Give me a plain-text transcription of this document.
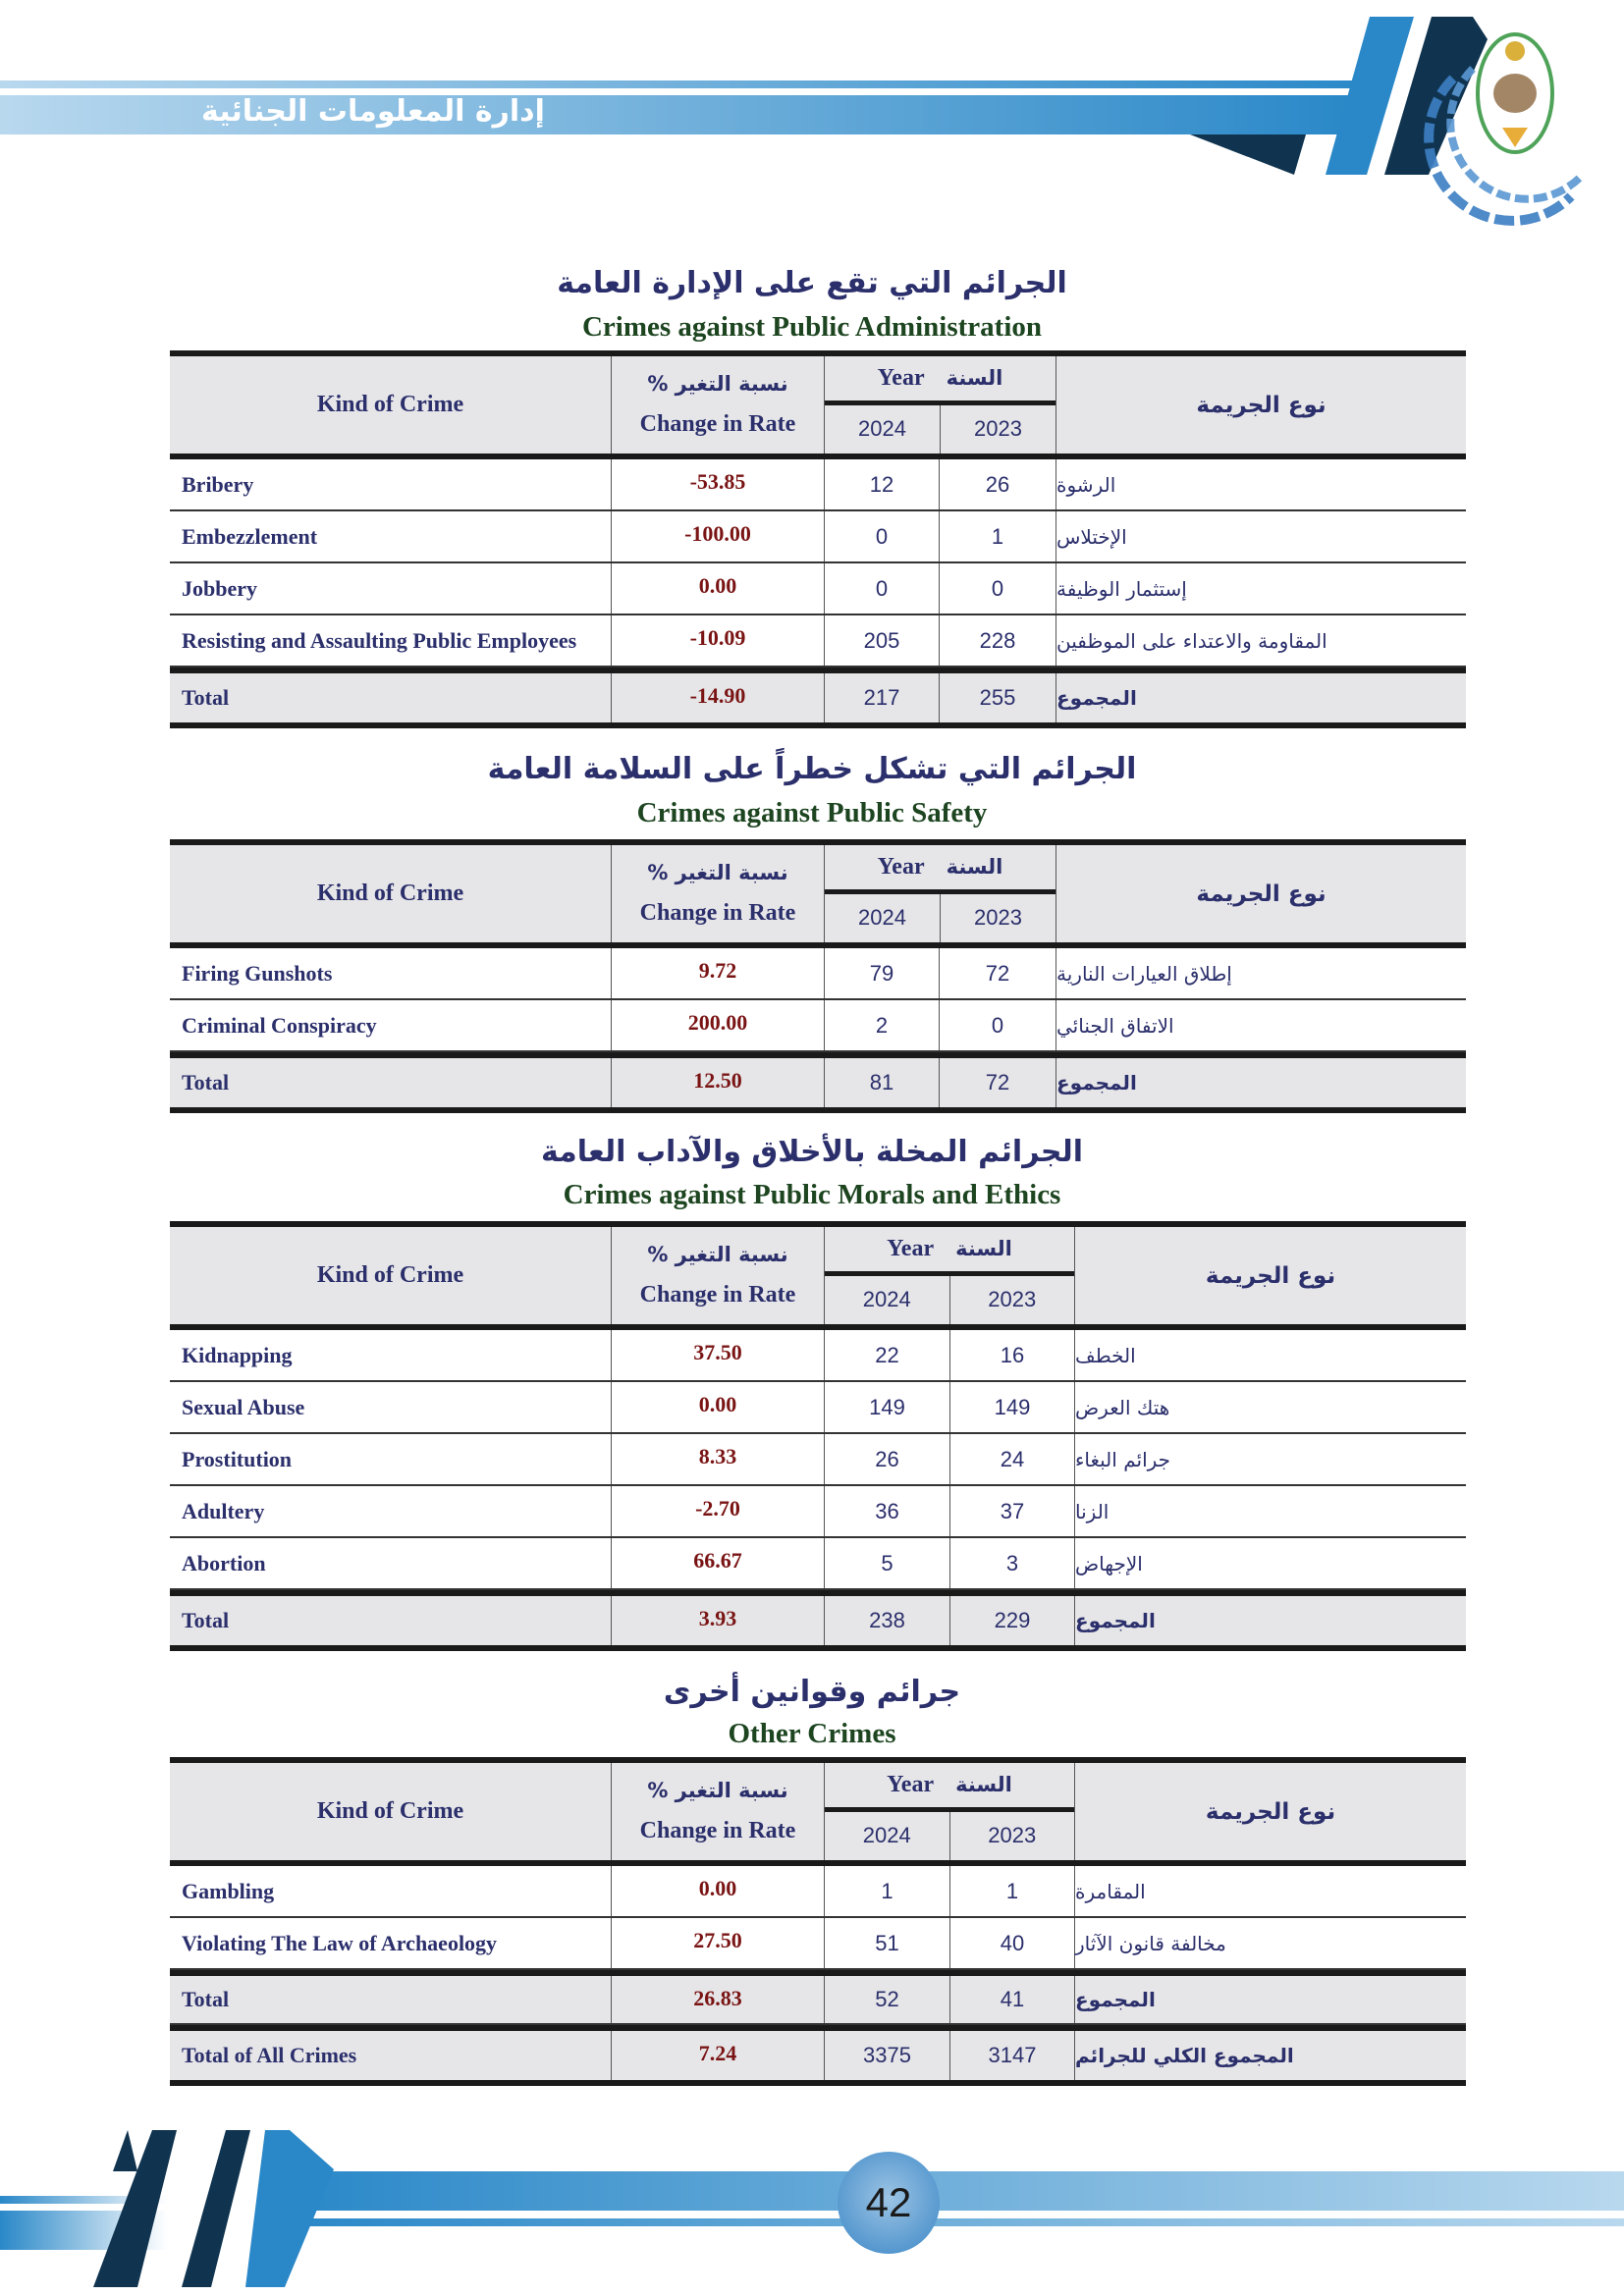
إدارة المعلومات الجنائية
الجرائم التي تقع على الإدارة العامة
Crimes against Public Administration
Kind of Crime
نسبة التغير %
Change in Rate
Year السنة
2024	2023
نوع الجريمة
Bribery	-53.85	12	26	الرشوة
Embezzlement	-100.00	0	1	الإختلاس
Jobbery	0.00	0	0	إستثمار الوظيفة
Resisting and Assaulting Public Employees	-10.09	205	228	المقاومة والاعتداء على الموظفين
Total	-14.90	217	255	المجموع
الجرائم التي تشكل خطراً على السلامة العامة
Crimes against Public Safety
Kind of Crime
نسبة التغير %
Change in Rate
Year السنة
2024	2023
نوع الجريمة
Firing Gunshots	9.72	79	72	إطلاق العيارات النارية
Criminal Conspiracy	200.00	2	0	الاتفاق الجنائي
Total	12.50	81	72	المجموع
الجرائم المخلة بالأخلاق والآداب العامة
Crimes against Public Morals and Ethics
Kind of Crime
نسبة التغير %
Change in Rate
Year السنة
2024	2023
نوع الجريمة
Kidnapping	37.50	22	16	الخطف
Sexual Abuse	0.00	149	149	هتك العرض
Prostitution	8.33	26	24	جرائم البغاء
Adultery	-2.70	36	37	الزنا
Abortion	66.67	5	3	الإجهاض
Total	3.93	238	229	المجموع
جرائم وقوانين أخرى
Other Crimes
Kind of Crime
نسبة التغير %
Change in Rate
Year السنة
2024	2023
نوع الجريمة
Gambling	0.00	1	1	المقامرة
Violating The Law of Archaeology	27.50	51	40	مخالفة قانون الآثار
Total	26.83	52	41	المجموع
Total of All Crimes	7.24	3375	3147	المجموع الكلي للجرائم
42
